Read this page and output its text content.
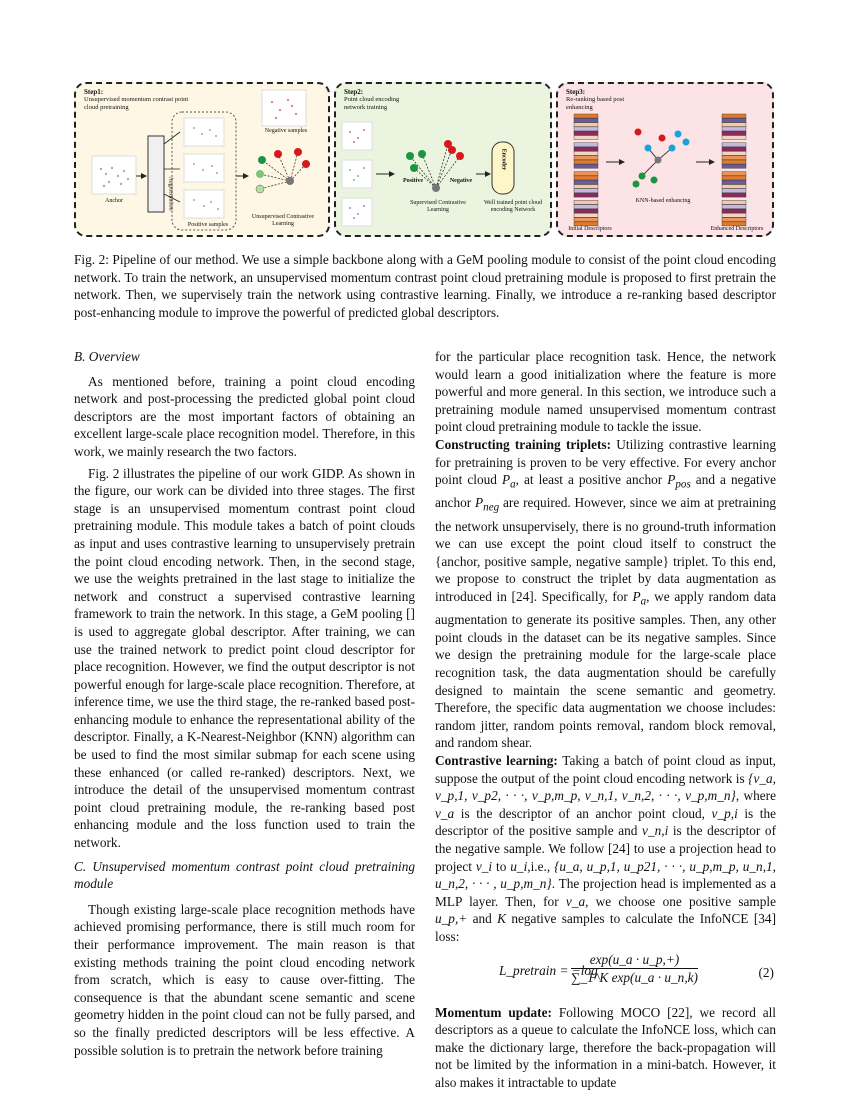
Step1:
Unsupervised momentum contrast point cloud pretraining
Augmentation
Anchor
Positive samples
Negative samples
Unsupervised Contrastive Learning
Step2:
Point cloud encoding network training
Positive	Negative
Supervised Contrastive Learning
Encoder
Well trained point cloud encoding Network
Step3:
Re-ranking based post enhancing
KNN-based enhancing
Initial Descriptors	Enhanced Descriptors
Fig. 2: Pipeline of our method. We use a simple backbone along with a GeM pooling module to consist of the point cloud encoding network. To train the network, an unsupervised momentum contrast point cloud pretraining module is proposed to first pretrain the network. Then, we supervisely train the network using contrastive learning. Finally, we introduce a re-ranking based descriptor post-enhancing module to improve the powerful of predicted global descriptors.
B. Overview

As mentioned before, training a point cloud encoding network and post-processing the predicted global point cloud descriptors are the most important factors of obtaining an excellent large-scale place recognition model. Therefore, in this work, we mainly research the two factors.

Fig. 2 illustrates the pipeline of our work GIDP. As shown in the figure, our work can be divided into three stages. The first stage is an unsupervised momentum contrast point cloud pretraining module. This module takes a batch of point clouds as input and uses contrastive learning to unsupervisely pretrain the point cloud encoding network. Then, in the second stage, we use the weights pretrained in the last stage to initialize the network and construct a supervised contrastive learning framework to train the network. In this stage, a GeM pooling [] is used to aggregate global descriptor. After training, we can use the trained network to predict point cloud descriptor for place recognition. However, we find the output descriptor is not powerful enough for large-scale place recognition. Therefore, at inference time, we use the third stage, the re-ranked based post-enhancing module to enhance the representational ability of the descriptor. Finally, a K-Nearest-Neighbor (KNN) algorithm can be used to find the most similar submap for each scene using these enhanced (or called re-ranked) descriptors. Next, we introduce the detail of the unsupervised momentum contrast point cloud pretraining module, the re-ranking based post enhancing module and the loss function used to train the network.

C. Unsupervised momentum contrast point cloud pretraining module

Though existing large-scale place recognition methods have achieved promising performance, there is still much room for their performance improvement. The main reason is that existing methods training the point cloud encoding network from scratch, which is easy to cause over-fitting. The consequence is that the abundant scene semantic and scene geometry hidden in the point cloud can not be fully parsed, and so the finally predicted descriptors will be less effective. A possible solution is to pretrain the network before training

for the particular place recognition task. Hence, the network would learn a good initialization where the feature is more powerful and more general. In this section, we introduce such a pretraining module named unsupervised momentum contrast point cloud pretraining module to tackle the issue.

Constructing training triplets: Utilizing contrastive learning for pretraining is proven to be very effective. For every anchor point cloud $P_a$, at least a positive anchor $P_{pos}$ and a negative anchor $P_{neg}$ are required. However, since we aim at pretraining the network unsupervisely, there is no ground-truth information we can use except the point cloud itself to construct the {anchor, positive sample, negative sample} triplet. To this end, we propose to construct the triplet by data augmentation as introduced in [24]. Specifically, for $P_a$, we apply random data augmentation to generate its positive samples. Then, any other point clouds in the dataset can be its negative samples. Since we design the pretraining module for the large-scale place recognition task, the data augmentation should be carefully designed to maintain the scene semantic and geometry. Therefore, the specific data augmentation we choose includes: random jitter, random points removal, random block removal, and random shear.

Contrastive learning: Taking a batch of point cloud as input, suppose the output of the point cloud encoding network is {v_a, v_p,1, v_p2, · · ·, v_p,m_p, v_n,1, v_n,2, · · ·, v_p,m_n}, where v_a is the descriptor of an anchor point cloud, v_p,i is the descriptor of the positive sample and v_n,i is the descriptor of the negative sample. We follow [24] to use a projection head to project v_i to u_i,i.e., {u_a, u_p,1, u_p21, · · ·, u_p,m_p, u_n,1, u_n,2, · · · , u_p,m_n}. The projection head is implemented as a MLP layer. Then, for v_a, we choose one positive sample u_p,+ and K negative samples to calculate the InfoNCE [34] loss:

L_pretrain = −log
$\frac{\exp(u\_a \cdot u\_p,+)}{\text{∑\_1\textasciicircum{}K exp(u\_a · u\_n,k)}}$	(2)

Momentum update: Following MOCO [22], we record all descriptors as a queue to calculate the InfoNCE loss, which can make the dictionary large, therefore the back-propagation will not be limited by the information in a mini-batch. However, it also makes it intractable to update
